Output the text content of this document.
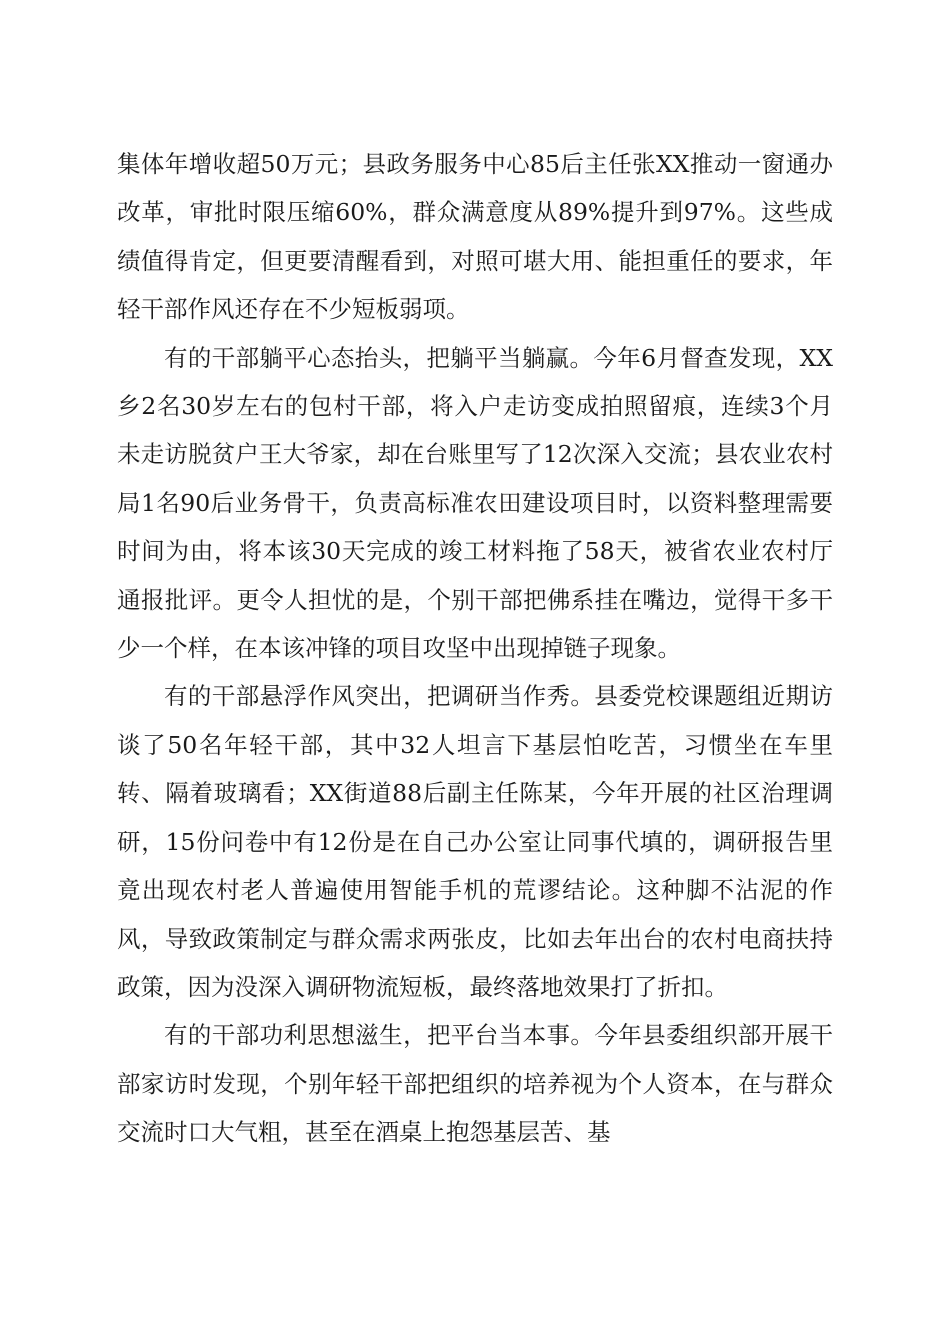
集体年增收超50万元；县政务服务中心85后主任张XX推动一窗通办改革，审批时限压缩60%，群众满意度从89%提升到97%。这些成绩值得肯定，但更要清醒看到，对照可堪大用、能担重任的要求，年轻干部作风还存在不少短板弱项。

有的干部躺平心态抬头，把躺平当躺赢。今年6月督查发现，XX乡2名30岁左右的包村干部，将入户走访变成拍照留痕，连续3个月未走访脱贫户王大爷家，却在台账里写了12次深入交流；县农业农村局1名90后业务骨干，负责高标准农田建设项目时，以资料整理需要时间为由，将本该30天完成的竣工材料拖了58天，被省农业农村厅通报批评。更令人担忧的是，个别干部把佛系挂在嘴边，觉得干多干少一个样，在本该冲锋的项目攻坚中出现掉链子现象。

有的干部悬浮作风突出，把调研当作秀。县委党校课题组近期访谈了50名年轻干部，其中32人坦言下基层怕吃苦，习惯坐在车里转、隔着玻璃看；XX街道88后副主任陈某，今年开展的社区治理调研，15份问卷中有12份是在自己办公室让同事代填的，调研报告里竟出现农村老人普遍使用智能手机的荒谬结论。这种脚不沾泥的作风，导致政策制定与群众需求两张皮，比如去年出台的农村电商扶持政策，因为没深入调研物流短板，最终落地效果打了折扣。

有的干部功利思想滋生，把平台当本事。今年县委组织部开展干部家访时发现，个别年轻干部把组织的培养视为个人资本，在与群众交流时口大气粗，甚至在酒桌上抱怨基层苦、基
